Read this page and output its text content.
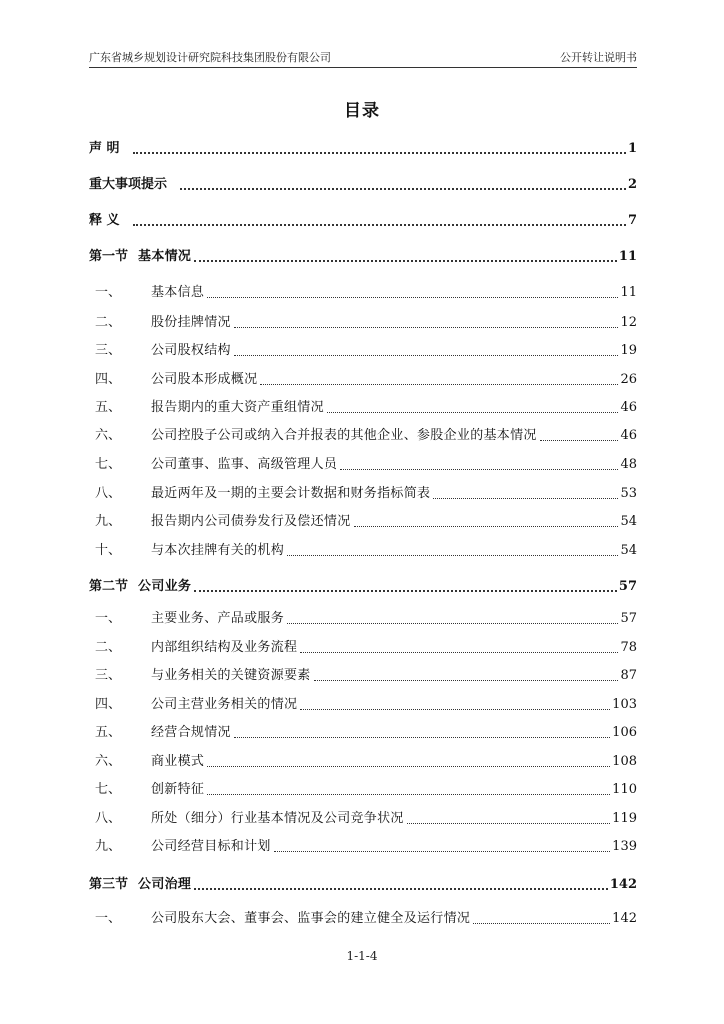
广东省城乡规划设计研究院科技集团股份有限公司	公开转让说明书
目录
声 明	1
重大事项提示	2
释 义	7
第一节 基本情况	11
一、	基本信息	11
二、	股份挂牌情况	12
三、	公司股权结构	19
四、	公司股本形成概况	26
五、	报告期内的重大资产重组情况	46
六、	公司控股子公司或纳入合并报表的其他企业、参股企业的基本情况	46
七、	公司董事、监事、高级管理人员	48
八、	最近两年及一期的主要会计数据和财务指标简表	53
九、	报告期内公司债券发行及偿还情况	54
十、	与本次挂牌有关的机构	54
第二节 公司业务	57
一、	主要业务、产品或服务	57
二、	内部组织结构及业务流程	78
三、	与业务相关的关键资源要素	87
四、	公司主营业务相关的情况	103
五、	经营合规情况	106
六、	商业模式	108
七、	创新特征	110
八、	所处（细分）行业基本情况及公司竞争状况	119
九、	公司经营目标和计划	139
第三节 公司治理	142
一、	公司股东大会、董事会、监事会的建立健全及运行情况	142
1-1-4
